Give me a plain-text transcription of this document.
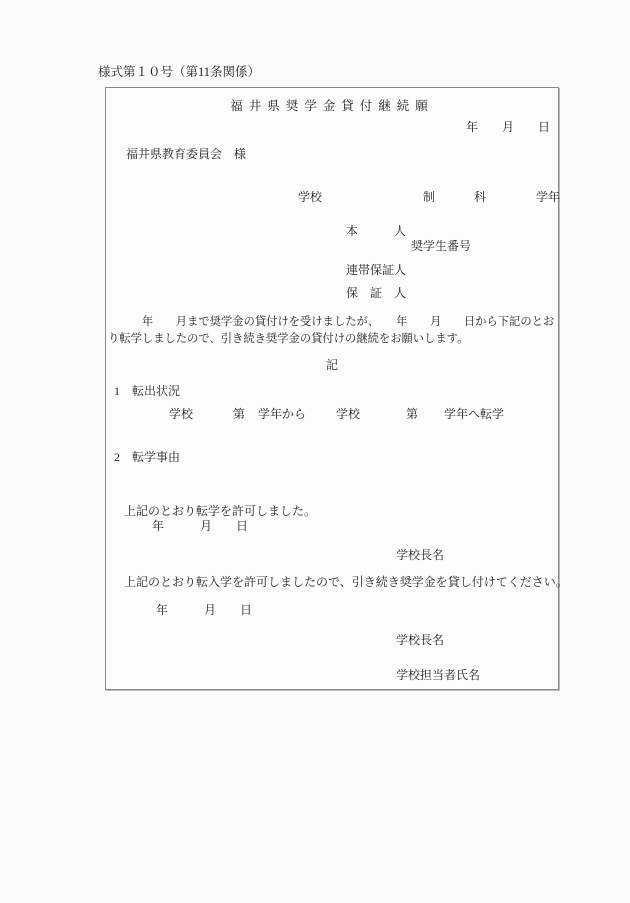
様式第１０号（第11条関係）
福井県奨学金貸付継続願
年　　月　　日
福井県教育委員会　様
学校	制	科	学年
本　　　人
奨学生番号
連帯保証人
保　証　人
　　　年　　月まで奨学金の貸付けを受けましたが、　　年　　月　　日から下記のとおり転学しましたので、引き続き奨学金の貸付けの継続をお願いします。
記
1　転出状況
学校	第 学年から 学校	第 学年へ転学
2　転学事由
上記のとおり転学を許可しました。
年　　　月　　日
学校長名
上記のとおり転入学を許可しましたので、引き続き奨学金を貸し付けてください。
年　　　月　　日
学校長名
学校担当者氏名
